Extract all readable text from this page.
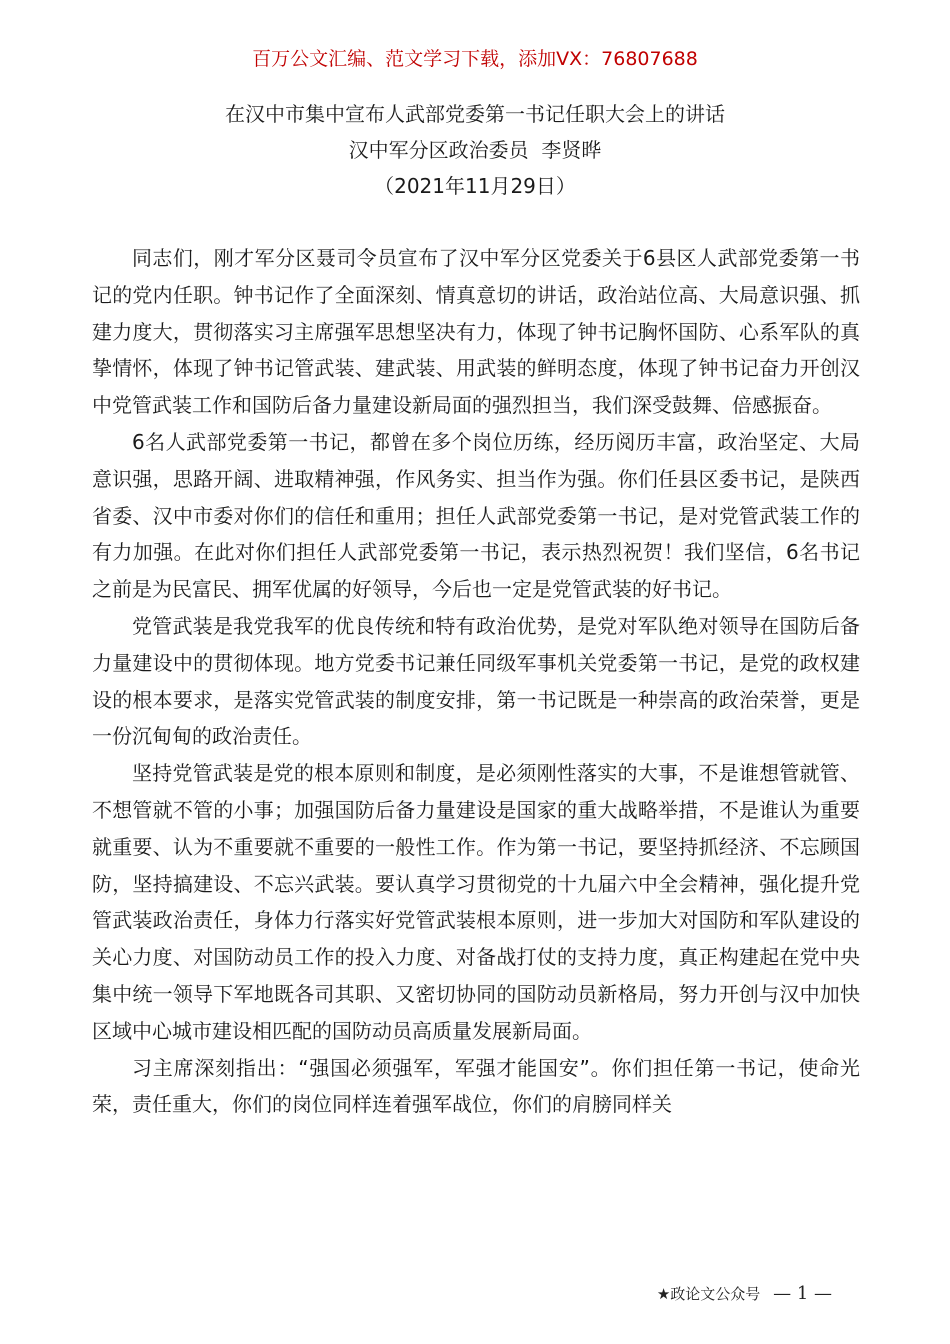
百万公文汇编、范文学习下载，添加VX：76807688
在汉中市集中宣布人武部党委第一书记任职大会上的讲话
汉中军分区政治委员  李贤晔
（2021年11月29日）

同志们，刚才军分区聂司令员宣布了汉中军分区党委关于6县区人武部党委第一书记的党内任职。钟书记作了全面深刻、情真意切的讲话，政治站位高、大局意识强、抓建力度大，贯彻落实习主席强军思想坚决有力，体现了钟书记胸怀国防、心系军队的真挚情怀，体现了钟书记管武装、建武装、用武装的鲜明态度，体现了钟书记奋力开创汉中党管武装工作和国防后备力量建设新局面的强烈担当，我们深受鼓舞、倍感振奋。

6名人武部党委第一书记，都曾在多个岗位历练，经历阅历丰富，政治坚定、大局意识强，思路开阔、进取精神强，作风务实、担当作为强。你们任县区委书记，是陕西省委、汉中市委对你们的信任和重用；担任人武部党委第一书记，是对党管武装工作的有力加强。在此对你们担任人武部党委第一书记，表示热烈祝贺！我们坚信，6名书记之前是为民富民、拥军优属的好领导，今后也一定是党管武装的好书记。

党管武装是我党我军的优良传统和特有政治优势，是党对军队绝对领导在国防后备力量建设中的贯彻体现。地方党委书记兼任同级军事机关党委第一书记，是党的政权建设的根本要求，是落实党管武装的制度安排，第一书记既是一种崇高的政治荣誉，更是一份沉甸甸的政治责任。

坚持党管武装是党的根本原则和制度，是必须刚性落实的大事，不是谁想管就管、不想管就不管的小事；加强国防后备力量建设是国家的重大战略举措，不是谁认为重要就重要、认为不重要就不重要的一般性工作。作为第一书记，要坚持抓经济、不忘顾国防，坚持搞建设、不忘兴武装。要认真学习贯彻党的十九届六中全会精神，强化提升党管武装政治责任，身体力行落实好党管武装根本原则，进一步加大对国防和军队建设的关心力度、对国防动员工作的投入力度、对备战打仗的支持力度，真正构建起在党中央集中统一领导下军地既各司其职、又密切协同的国防动员新格局，努力开创与汉中加快区域中心城市建设相匹配的国防动员高质量发展新局面。

习主席深刻指出：“强国必须强军，军强才能国安”。你们担任第一书记，使命光荣，责任重大，你们的岗位同样连着强军战位，你们的肩膀同样关

★政论文公众号 — 1 —
